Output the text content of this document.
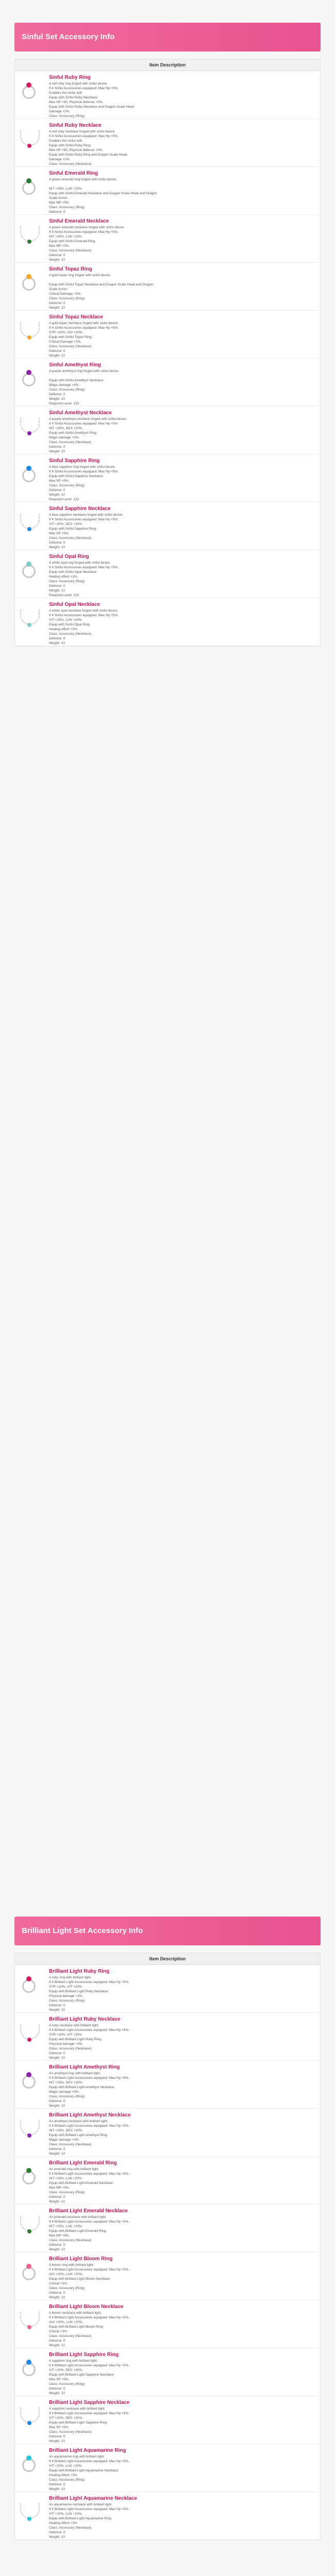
Sinful Set Accessory Info
Item Description
Sinful Ruby Ring
A red ruby ring forged with sinful desire.
If 4 Sinful Accessories equipped: Max Hp +5%.
Enables the sinful skill.
Equip with Sinful Ruby Necklace:
Max HP +50, Physical defense +3%.
Equip with Sinful Ruby Necklace and Dragon Scale Head:
Damage +2%.
Class: Accessory (Ring)
Sinful Ruby Necklace
A red ruby necklace forged with sinful desire.
If 4 Sinful Accessories equipped: Max Hp +5%.
Enables the sinful skill.
Equip with Sinful Ruby Ring:
Max HP +50, Physical defense +3%.
Equip with Sinful Ruby Ring and Dragon Scale Head:
Damage +2%.
Class: Accessory (Necklace)
Sinful Emerald Ring
A green emerald ring forged with sinful desire.

INT +20%, LUK +20%.
Equip with Sinful Emerald Necklace and Dragon Scale Head and Dragon
Scale Armor:
Max MP +5%.
Class: Accessory (Ring)
Defense: 0
Sinful Emerald Necklace
A green emerald necklace forged with sinful desire.
If 4 Sinful Accessories equipped: Max Hp +5%.
INT +20%, LUK +20%.
Equip with Sinful Emerald Ring:
Max MP +5%.
Class: Accessory (Necklace)
Defense: 0
Weight: 10
Sinful Topaz Ring
A gold topaz ring forged with sinful desire.

Equip with Sinful Topaz Necklace and Dragon Scale Head and Dragon
Scale Armor:
Critical Damage +3%.
Class: Accessory (Ring)
Defense: 0
Weight: 10
Sinful Topaz Necklace
A gold topaz necklace forged with sinful desire.
If 4 Sinful Accessories equipped: Max Hp +5%.
STR +20%, AGI +20%.
Equip with Sinful Topaz Ring:
Critical Damage +3%.
Class: Accessory (Necklace)
Defense: 0
Weight: 10
Sinful Amethyst Ring
A purple amethyst ring forged with sinful desire.

Equip with Sinful Amethyst Necklace:
Magic damage +3%.
Class: Accessory (Ring)
Defense: 0
Weight: 10
Required Level: 120
Sinful Amethyst Necklace
A purple amethyst necklace forged with sinful desire.
If 4 Sinful Accessories equipped: Max Hp +5%.
INT +20%, DEX +20%.
Equip with Sinful Amethyst Ring:
Magic damage +3%.
Class: Accessory (Necklace)
Defense: 0
Weight: 10
Sinful Sapphire Ring
A blue sapphire ring forged with sinful desire.
If 4 Sinful Accessories equipped: Max Hp +5%.
Equip with Sinful Sapphire Necklace:
Max SP +5%.
Class: Accessory (Ring)
Defense: 0
Weight: 10
Required Level: 120
Sinful Sapphire Necklace
A blue sapphire necklace forged with sinful desire.
If 4 Sinful Accessories equipped: Max Hp +5%.
VIT +20%, DEX +20%.
Equip with Sinful Sapphire Ring:
Max SP +5%.
Class: Accessory (Necklace)
Defense: 0
Weight: 10
Sinful Opal Ring
A white opal ring forged with sinful desire.
If 4 Sinful Accessories equipped: Max Hp +5%.
Equip with Sinful Opal Necklace:
Healing effect +3%.
Class: Accessory (Ring)
Defense: 0
Weight: 10
Required Level: 120
Sinful Opal Necklace
A white opal necklace forged with sinful desire.
If 4 Sinful Accessories equipped: Max Hp +5%.
VIT +20%, LUK +20%.
Equip with Sinful Opal Ring:
Healing effect +3%.
Class: Accessory (Necklace)
Defense: 0
Weight: 10
Brilliant Light Set Accessory Info
Item Description
Brilliant Light Ruby Ring
A ruby ring with brilliant light.
If 4 Brilliant Light Accessories equipped: Max Hp +5%.
STR +20%, VIT +20%.
Equip with Brilliant Light Ruby Necklace:
Physical damage +3%.
Class: Accessory (Ring)
Defense: 0
Weight: 10
Brilliant Light Ruby Necklace
A ruby necklace with brilliant light.
If 4 Brilliant Light Accessories equipped: Max Hp +5%.
STR +20%, VIT +20%.
Equip with Brilliant Light Ruby Ring:
Physical damage +3%.
Class: Accessory (Necklace)
Defense: 0
Weight: 10
Brilliant Light Amethyst Ring
An amethyst ring with brilliant light.
If 4 Brilliant Light Accessories equipped: Max Hp +5%.
INT +20%, DEX +20%.
Equip with Brilliant Light Amethyst Necklace:
Magic damage +3%.
Class: Accessory (Ring)
Defense: 0
Weight: 10
Brilliant Light Amethyst Necklace
An amethyst necklace with brilliant light.
If 4 Brilliant Light Accessories equipped: Max Hp +5%.
INT +20%, DEX +20%.
Equip with Brilliant Light Amethyst Ring:
Magic damage +3%.
Class: Accessory (Necklace)
Defense: 0
Weight: 10
Brilliant Light Emerald Ring
An emerald ring with brilliant light.
If 4 Brilliant Light Accessories equipped: Max Hp +5%.
INT +20%, LUK +20%.
Equip with Brilliant Light Emerald Necklace:
Max MP +5%.
Class: Accessory (Ring)
Defense: 0
Weight: 10
Brilliant Light Emerald Necklace
An emerald necklace with brilliant light.
If 4 Brilliant Light Accessories equipped: Max Hp +5%.
INT +20%, LUK +20%.
Equip with Brilliant Light Emerald Ring:
Max MP +5%.
Class: Accessory (Necklace)
Defense: 0
Weight: 10
Brilliant Light Bloom Ring
A bloom ring with brilliant light.
If 4 Brilliant Light Accessories equipped: Max Hp +5%.
AGI +20%, LUK +20%.
Equip with Brilliant Light Bloom Necklace:
Critical +3%.
Class: Accessory (Ring)
Defense: 0
Weight: 10
Brilliant Light Bloom Necklace
A bloom necklace with brilliant light.
If 4 Brilliant Light Accessories equipped: Max Hp +5%.
AGI +20%, LUK +20%.
Equip with Brilliant Light Bloom Ring:
Critical +3%.
Class: Accessory (Necklace)
Defense: 0
Weight: 10
Brilliant Light Sapphire Ring
A sapphire ring with brilliant light.
If 4 Brilliant Light Accessories equipped: Max Hp +5%.
VIT +20%, DEX +20%.
Equip with Brilliant Light Sapphire Necklace:
Max SP +5%.
Class: Accessory (Ring)
Defense: 0
Weight: 10
Brilliant Light Sapphire Necklace
A sapphire necklace with brilliant light.
If 4 Brilliant Light Accessories equipped: Max Hp +5%.
VIT +20%, DEX +20%.
Equip with Brilliant Light Sapphire Ring:
Max SP +5%.
Class: Accessory (Necklace)
Defense: 0
Weight: 10
Brilliant Light Aquamarine Ring
An aquamarine ring with brilliant light.
If 4 Brilliant Light Accessories equipped: Max Hp +5%.
VIT +20%, LUK +20%.
Equip with Brilliant Light Aquamarine Necklace:
Healing effect +3%.
Class: Accessory (Ring)
Defense: 0
Weight: 10
Brilliant Light Aquamarine Necklace
An aquamarine necklace with brilliant light.
If 4 Brilliant Light Accessories equipped: Max Hp +5%.
VIT +20%, LUK +20%.
Equip with Brilliant Light Aquamarine Ring:
Healing effect +3%.
Class: Accessory (Necklace)
Defense: 0
Weight: 10
